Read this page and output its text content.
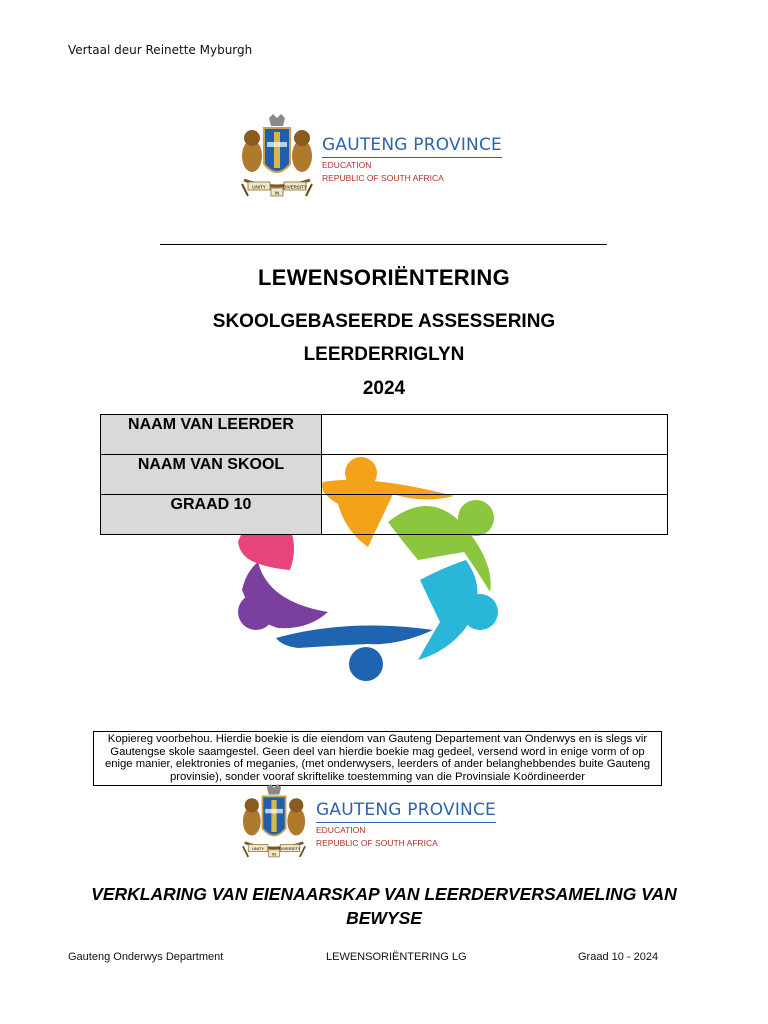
Vertaal deur Reinette Myburgh
UNITY	DIVERSITY
IN
GAUTENG PROVINCE
EDUCATION
REPUBLIC OF SOUTH AFRICA
LEWENSORIËNTERING
SKOOLGEBASEERDE ASSESSERING
LEERDERRIGLYN
2024
NAAM VAN LEERDER	
NAAM VAN SKOOL	
GRAAD 10	
Kopiereg voorbehou. Hierdie boekie is die eiendom van Gauteng Departement van Onderwys en is slegs vir Gautengse skole saamgestel. Geen deel van hierdie boekie mag gedeel, versend word in enige vorm of op enige manier, elektronies of meganies, (met onderwysers, leerders of ander belanghebbendes buite Gauteng provinsie), sonder vooraf skriftelike toestemming van die Provinsiale Koördineerder
UNITY	DIVERSITY
IN
GAUTENG PROVINCE
EDUCATION
REPUBLIC OF SOUTH AFRICA
VERKLARING VAN EIENAARSKAP VAN LEERDERVERSAMELING VAN BEWYSE
Gauteng Onderwys Department	LEWENSORIËNTERING LG	Graad 10 - 2024
